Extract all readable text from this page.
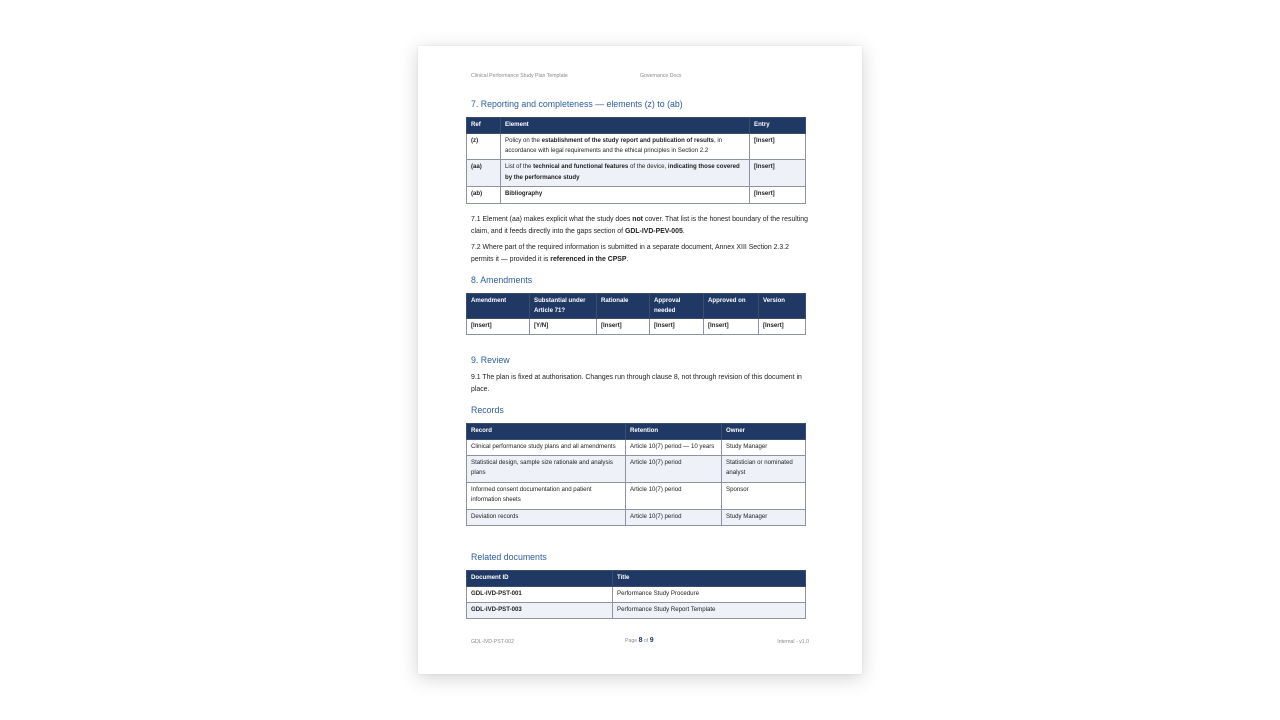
Clinical Performance Study Plan Template	Governance Docs
7. Reporting and completeness — elements (z) to (ab)
Ref	Element	Entry
(z)	Policy on the establishment of the study report and publication of results, in accordance with legal requirements and the ethical principles in Section 2.2	[Insert]
(aa)	List of the technical and functional features of the device, indicating those covered by the performance study	[Insert]
(ab)	Bibliography	[Insert]
7.1 Element (aa) makes explicit what the study does not cover. That list is the honest boundary of the resulting claim, and it feeds directly into the gaps section of GDL-IVD-PEV-005.
7.2 Where part of the required information is submitted in a separate document, Annex XIII Section 2.3.2 permits it — provided it is referenced in the CPSP.
8. Amendments
Amendment	Substantial under Article 71?	Rationale	Approval needed	Approved on	Version
[Insert]	[Y/N]	[Insert]	[Insert]	[Insert]	[Insert]
9. Review
9.1 The plan is fixed at authorisation. Changes run through clause 8, not through revision of this document in place.
Records
Record	Retention	Owner
Clinical performance study plans and all amendments	Article 10(7) period — 10 years	Study Manager
Statistical design, sample size rationale and analysis plans	Article 10(7) period	Statistician or nominated analyst
Informed consent documentation and patient information sheets	Article 10(7) period	Sponsor
Deviation records	Article 10(7) period	Study Manager
Related documents
Document ID	Title
GDL-IVD-PST-001	Performance Study Procedure
GDL-IVD-PST-003	Performance Study Report Template
GDL-IVD-PST-002	Page 8 of 9	Internal - v1.0
